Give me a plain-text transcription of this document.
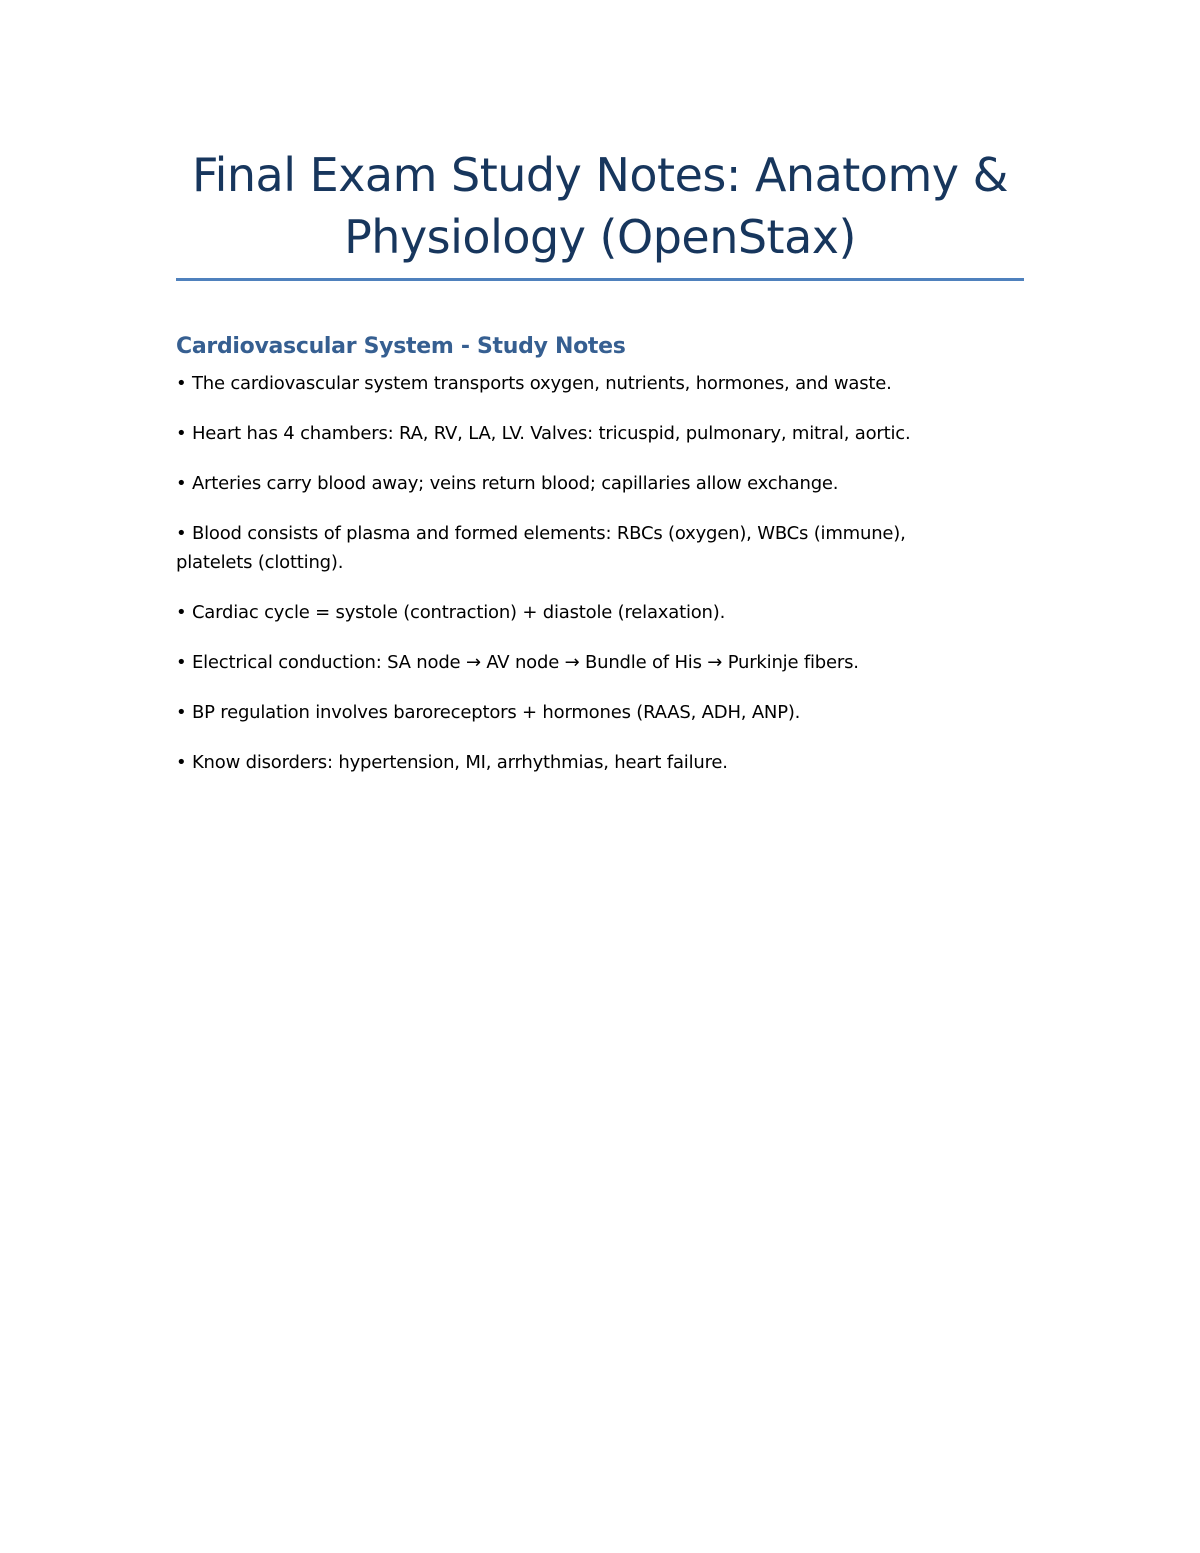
Final Exam Study Notes: Anatomy & Physiology (OpenStax)
Cardiovascular System - Study Notes
• The cardiovascular system transports oxygen, nutrients, hormones, and waste.
• Heart has 4 chambers: RA, RV, LA, LV. Valves: tricuspid, pulmonary, mitral, aortic.
• Arteries carry blood away; veins return blood; capillaries allow exchange.
• Blood consists of plasma and formed elements: RBCs (oxygen), WBCs (immune), platelets (clotting).
• Cardiac cycle = systole (contraction) + diastole (relaxation).
• Electrical conduction: SA node → AV node → Bundle of His → Purkinje fibers.
• BP regulation involves baroreceptors + hormones (RAAS, ADH, ANP).
• Know disorders: hypertension, MI, arrhythmias, heart failure.
